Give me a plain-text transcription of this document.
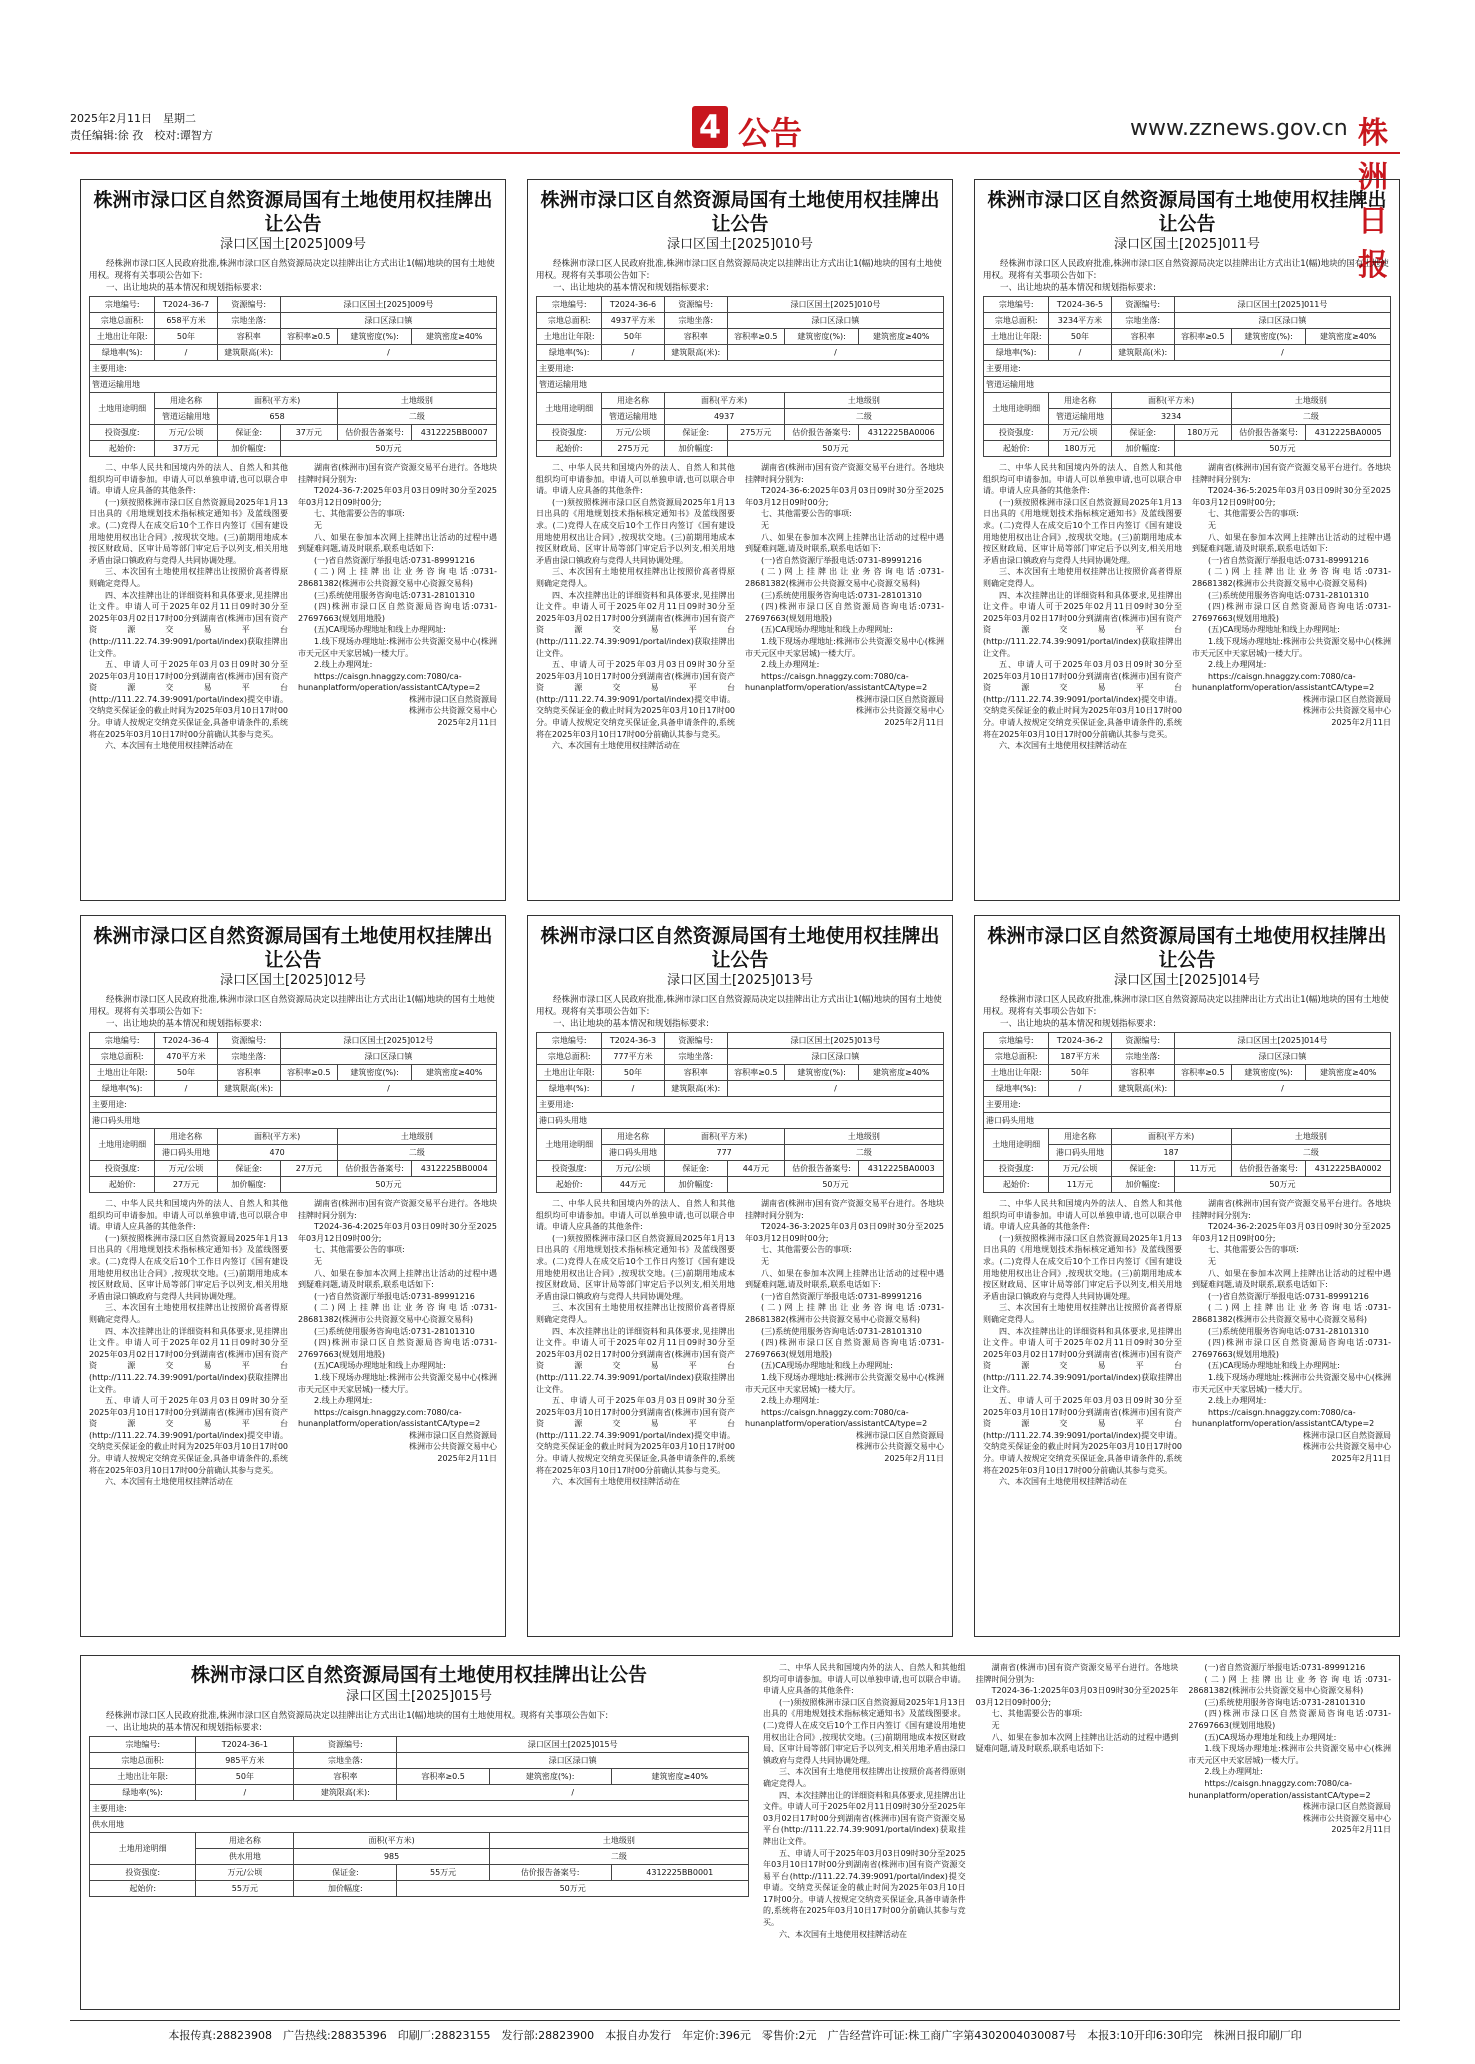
2025年2月11日　星期二
责任编辑:徐 孜　校对:谭智方	4 公告	www.zznews.gov.cn 株洲日报
株洲市渌口区自然资源局国有土地使用权挂牌出让公告
渌口区国土[2025]009号
经株洲市渌口区人民政府批准,株洲市渌口区自然资源局决定以挂牌出让方式出让1(幅)地块的国有土地使用权。现将有关事项公告如下:
一、出让地块的基本情况和规划指标要求:
宗地编号:	T2024-36-7	资源编号:	渌口区国土[2025]009号		
宗地总面积:	658平方米	宗地坐落:	渌口区渌口镇		
土地出让年限:	50年	容积率	容积率≥0.5	建筑密度(%):	建筑密度≥40%
绿地率(%):	/	建筑限高(米):	/		
主要用途:					
管道运输用地					
土地用途明细	用途名称	面积(平方米)		土地级别	
	管道运输用地	658		二级	
投资强度:	万元/公顷	保证金:	37万元	估价报告备案号:	4312225BB0007
起始价:	37万元	加价幅度:	50万元		

二、中华人民共和国境内外的法人、自然人和其他组织均可申请参加。申请人可以单独申请,也可以联合申请。申请人应具备的其他条件:

(一)须按照株洲市渌口区自然资源局2025年1月13日出具的《用地规划技术指标核定通知书》及蓝线图要求。(二)竞得人在成交后10个工作日内签订《国有建设用地使用权出让合同》,按现状交地。(三)前期用地成本按区财政局、区审计局等部门审定后予以列支,相关用地矛盾由渌口镇政府与竞得人共同协调处理。

三、本次国有土地使用权挂牌出让按照价高者得原则确定竞得人。

四、本次挂牌出让的详细资料和具体要求,见挂牌出让文件。申请人可于2025年02月11日09时30分至2025年03月02日17时00分到湖南省(株洲市)国有资产资源交易平台(http://111.22.74.39:9091/portal/index)获取挂牌出让文件。

五、申请人可于2025年03月03日09时30分至2025年03月10日17时00分到湖南省(株洲市)国有资产资源交易平台(http://111.22.74.39:9091/portal/index)提交申请。交纳竞买保证金的截止时间为2025年03月10日17时00分。申请人按规定交纳竞买保证金,具备申请条件的,系统将在2025年03月10日17时00分前确认其参与竞买。

六、本次国有土地使用权挂牌活动在

湖南省(株洲市)国有资产资源交易平台进行。各地块挂牌时间分别为:

T2024-36-7:2025年03月03日09时30分至2025年03月12日09时00分;

七、其他需要公告的事项:

无

八、如果在参加本次网上挂牌出让活动的过程中遇到疑难问题,请及时联系,联系电话如下:

(一)省自然资源厅举报电话:0731-89991216

(二)网上挂牌出让业务咨询电话:0731-28681382(株洲市公共资源交易中心资源交易科)

(三)系统使用服务咨询电话:0731-28101310

(四)株洲市渌口区自然资源局咨询电话:0731-27697663(规划用地股)

(五)CA现场办理地址和线上办理网址:

1.线下现场办理地址:株洲市公共资源交易中心(株洲市天元区中天家居城)一楼大厅。

2.线上办理网址:

https://caisgn.hnaggzy.com:7080/ca-hunanplatform/operation/assistantCA/type=2

株洲市渌口区自然资源局
株洲市公共资源交易中心
2025年2月11日
株洲市渌口区自然资源局国有土地使用权挂牌出让公告
渌口区国土[2025]010号
经株洲市渌口区人民政府批准,株洲市渌口区自然资源局决定以挂牌出让方式出让1(幅)地块的国有土地使用权。现将有关事项公告如下:
一、出让地块的基本情况和规划指标要求:
宗地编号:	T2024-36-6	资源编号:	渌口区国土[2025]010号		
宗地总面积:	4937平方米	宗地坐落:	渌口区渌口镇		
土地出让年限:	50年	容积率	容积率≥0.5	建筑密度(%):	建筑密度≥40%
绿地率(%):	/	建筑限高(米):	/		
主要用途:					
管道运输用地					
土地用途明细	用途名称	面积(平方米)		土地级别	
	管道运输用地	4937		二级	
投资强度:	万元/公顷	保证金:	275万元	估价报告备案号:	4312225BA0006
起始价:	275万元	加价幅度:	50万元		

二、中华人民共和国境内外的法人、自然人和其他组织均可申请参加。申请人可以单独申请,也可以联合申请。申请人应具备的其他条件:

(一)须按照株洲市渌口区自然资源局2025年1月13日出具的《用地规划技术指标核定通知书》及蓝线图要求。(二)竞得人在成交后10个工作日内签订《国有建设用地使用权出让合同》,按现状交地。(三)前期用地成本按区财政局、区审计局等部门审定后予以列支,相关用地矛盾由渌口镇政府与竞得人共同协调处理。

三、本次国有土地使用权挂牌出让按照价高者得原则确定竞得人。

四、本次挂牌出让的详细资料和具体要求,见挂牌出让文件。申请人可于2025年02月11日09时30分至2025年03月02日17时00分到湖南省(株洲市)国有资产资源交易平台(http://111.22.74.39:9091/portal/index)获取挂牌出让文件。

五、申请人可于2025年03月03日09时30分至2025年03月10日17时00分到湖南省(株洲市)国有资产资源交易平台(http://111.22.74.39:9091/portal/index)提交申请。交纳竞买保证金的截止时间为2025年03月10日17时00分。申请人按规定交纳竞买保证金,具备申请条件的,系统将在2025年03月10日17时00分前确认其参与竞买。

六、本次国有土地使用权挂牌活动在

湖南省(株洲市)国有资产资源交易平台进行。各地块挂牌时间分别为:

T2024-36-6:2025年03月03日09时30分至2025年03月12日09时00分;

七、其他需要公告的事项:

无

八、如果在参加本次网上挂牌出让活动的过程中遇到疑难问题,请及时联系,联系电话如下:

(一)省自然资源厅举报电话:0731-89991216

(二)网上挂牌出让业务咨询电话:0731-28681382(株洲市公共资源交易中心资源交易科)

(三)系统使用服务咨询电话:0731-28101310

(四)株洲市渌口区自然资源局咨询电话:0731-27697663(规划用地股)

(五)CA现场办理地址和线上办理网址:

1.线下现场办理地址:株洲市公共资源交易中心(株洲市天元区中天家居城)一楼大厅。

2.线上办理网址:

https://caisgn.hnaggzy.com:7080/ca-hunanplatform/operation/assistantCA/type=2

株洲市渌口区自然资源局
株洲市公共资源交易中心
2025年2月11日
株洲市渌口区自然资源局国有土地使用权挂牌出让公告
渌口区国土[2025]011号
经株洲市渌口区人民政府批准,株洲市渌口区自然资源局决定以挂牌出让方式出让1(幅)地块的国有土地使用权。现将有关事项公告如下:
一、出让地块的基本情况和规划指标要求:
宗地编号:	T2024-36-5	资源编号:	渌口区国土[2025]011号		
宗地总面积:	3234平方米	宗地坐落:	渌口区渌口镇		
土地出让年限:	50年	容积率	容积率≥0.5	建筑密度(%):	建筑密度≥40%
绿地率(%):	/	建筑限高(米):	/		
主要用途:					
管道运输用地					
土地用途明细	用途名称	面积(平方米)		土地级别	
	管道运输用地	3234		二级	
投资强度:	万元/公顷	保证金:	180万元	估价报告备案号:	4312225BA0005
起始价:	180万元	加价幅度:	50万元		

二、中华人民共和国境内外的法人、自然人和其他组织均可申请参加。申请人可以单独申请,也可以联合申请。申请人应具备的其他条件:

(一)须按照株洲市渌口区自然资源局2025年1月13日出具的《用地规划技术指标核定通知书》及蓝线图要求。(二)竞得人在成交后10个工作日内签订《国有建设用地使用权出让合同》,按现状交地。(三)前期用地成本按区财政局、区审计局等部门审定后予以列支,相关用地矛盾由渌口镇政府与竞得人共同协调处理。

三、本次国有土地使用权挂牌出让按照价高者得原则确定竞得人。

四、本次挂牌出让的详细资料和具体要求,见挂牌出让文件。申请人可于2025年02月11日09时30分至2025年03月02日17时00分到湖南省(株洲市)国有资产资源交易平台(http://111.22.74.39:9091/portal/index)获取挂牌出让文件。

五、申请人可于2025年03月03日09时30分至2025年03月10日17时00分到湖南省(株洲市)国有资产资源交易平台(http://111.22.74.39:9091/portal/index)提交申请。交纳竞买保证金的截止时间为2025年03月10日17时00分。申请人按规定交纳竞买保证金,具备申请条件的,系统将在2025年03月10日17时00分前确认其参与竞买。

六、本次国有土地使用权挂牌活动在

湖南省(株洲市)国有资产资源交易平台进行。各地块挂牌时间分别为:

T2024-36-5:2025年03月03日09时30分至2025年03月12日09时00分;

七、其他需要公告的事项:

无

八、如果在参加本次网上挂牌出让活动的过程中遇到疑难问题,请及时联系,联系电话如下:

(一)省自然资源厅举报电话:0731-89991216

(二)网上挂牌出让业务咨询电话:0731-28681382(株洲市公共资源交易中心资源交易科)

(三)系统使用服务咨询电话:0731-28101310

(四)株洲市渌口区自然资源局咨询电话:0731-27697663(规划用地股)

(五)CA现场办理地址和线上办理网址:

1.线下现场办理地址:株洲市公共资源交易中心(株洲市天元区中天家居城)一楼大厅。

2.线上办理网址:

https://caisgn.hnaggzy.com:7080/ca-hunanplatform/operation/assistantCA/type=2

株洲市渌口区自然资源局
株洲市公共资源交易中心
2025年2月11日
株洲市渌口区自然资源局国有土地使用权挂牌出让公告
渌口区国土[2025]012号
经株洲市渌口区人民政府批准,株洲市渌口区自然资源局决定以挂牌出让方式出让1(幅)地块的国有土地使用权。现将有关事项公告如下:
一、出让地块的基本情况和规划指标要求:
宗地编号:	T2024-36-4	资源编号:	渌口区国土[2025]012号		
宗地总面积:	470平方米	宗地坐落:	渌口区渌口镇		
土地出让年限:	50年	容积率	容积率≥0.5	建筑密度(%):	建筑密度≥40%
绿地率(%):	/	建筑限高(米):	/		
主要用途:					
港口码头用地					
土地用途明细	用途名称	面积(平方米)		土地级别	
	港口码头用地	470		二级	
投资强度:	万元/公顷	保证金:	27万元	估价报告备案号:	4312225BB0004
起始价:	27万元	加价幅度:	50万元		

二、中华人民共和国境内外的法人、自然人和其他组织均可申请参加。申请人可以单独申请,也可以联合申请。申请人应具备的其他条件:

(一)须按照株洲市渌口区自然资源局2025年1月13日出具的《用地规划技术指标核定通知书》及蓝线图要求。(二)竞得人在成交后10个工作日内签订《国有建设用地使用权出让合同》,按现状交地。(三)前期用地成本按区财政局、区审计局等部门审定后予以列支,相关用地矛盾由渌口镇政府与竞得人共同协调处理。

三、本次国有土地使用权挂牌出让按照价高者得原则确定竞得人。

四、本次挂牌出让的详细资料和具体要求,见挂牌出让文件。申请人可于2025年02月11日09时30分至2025年03月02日17时00分到湖南省(株洲市)国有资产资源交易平台(http://111.22.74.39:9091/portal/index)获取挂牌出让文件。

五、申请人可于2025年03月03日09时30分至2025年03月10日17时00分到湖南省(株洲市)国有资产资源交易平台(http://111.22.74.39:9091/portal/index)提交申请。交纳竞买保证金的截止时间为2025年03月10日17时00分。申请人按规定交纳竞买保证金,具备申请条件的,系统将在2025年03月10日17时00分前确认其参与竞买。

六、本次国有土地使用权挂牌活动在

湖南省(株洲市)国有资产资源交易平台进行。各地块挂牌时间分别为:

T2024-36-4:2025年03月03日09时30分至2025年03月12日09时00分;

七、其他需要公告的事项:

无

八、如果在参加本次网上挂牌出让活动的过程中遇到疑难问题,请及时联系,联系电话如下:

(一)省自然资源厅举报电话:0731-89991216

(二)网上挂牌出让业务咨询电话:0731-28681382(株洲市公共资源交易中心资源交易科)

(三)系统使用服务咨询电话:0731-28101310

(四)株洲市渌口区自然资源局咨询电话:0731-27697663(规划用地股)

(五)CA现场办理地址和线上办理网址:

1.线下现场办理地址:株洲市公共资源交易中心(株洲市天元区中天家居城)一楼大厅。

2.线上办理网址:

https://caisgn.hnaggzy.com:7080/ca-hunanplatform/operation/assistantCA/type=2

株洲市渌口区自然资源局
株洲市公共资源交易中心
2025年2月11日
株洲市渌口区自然资源局国有土地使用权挂牌出让公告
渌口区国土[2025]013号
经株洲市渌口区人民政府批准,株洲市渌口区自然资源局决定以挂牌出让方式出让1(幅)地块的国有土地使用权。现将有关事项公告如下:
一、出让地块的基本情况和规划指标要求:
宗地编号:	T2024-36-3	资源编号:	渌口区国土[2025]013号		
宗地总面积:	777平方米	宗地坐落:	渌口区渌口镇		
土地出让年限:	50年	容积率	容积率≥0.5	建筑密度(%):	建筑密度≥40%
绿地率(%):	/	建筑限高(米):	/		
主要用途:					
港口码头用地					
土地用途明细	用途名称	面积(平方米)		土地级别	
	港口码头用地	777		二级	
投资强度:	万元/公顷	保证金:	44万元	估价报告备案号:	4312225BA0003
起始价:	44万元	加价幅度:	50万元		

二、中华人民共和国境内外的法人、自然人和其他组织均可申请参加。申请人可以单独申请,也可以联合申请。申请人应具备的其他条件:

(一)须按照株洲市渌口区自然资源局2025年1月13日出具的《用地规划技术指标核定通知书》及蓝线图要求。(二)竞得人在成交后10个工作日内签订《国有建设用地使用权出让合同》,按现状交地。(三)前期用地成本按区财政局、区审计局等部门审定后予以列支,相关用地矛盾由渌口镇政府与竞得人共同协调处理。

三、本次国有土地使用权挂牌出让按照价高者得原则确定竞得人。

四、本次挂牌出让的详细资料和具体要求,见挂牌出让文件。申请人可于2025年02月11日09时30分至2025年03月02日17时00分到湖南省(株洲市)国有资产资源交易平台(http://111.22.74.39:9091/portal/index)获取挂牌出让文件。

五、申请人可于2025年03月03日09时30分至2025年03月10日17时00分到湖南省(株洲市)国有资产资源交易平台(http://111.22.74.39:9091/portal/index)提交申请。交纳竞买保证金的截止时间为2025年03月10日17时00分。申请人按规定交纳竞买保证金,具备申请条件的,系统将在2025年03月10日17时00分前确认其参与竞买。

六、本次国有土地使用权挂牌活动在

湖南省(株洲市)国有资产资源交易平台进行。各地块挂牌时间分别为:

T2024-36-3:2025年03月03日09时30分至2025年03月12日09时00分;

七、其他需要公告的事项:

无

八、如果在参加本次网上挂牌出让活动的过程中遇到疑难问题,请及时联系,联系电话如下:

(一)省自然资源厅举报电话:0731-89991216

(二)网上挂牌出让业务咨询电话:0731-28681382(株洲市公共资源交易中心资源交易科)

(三)系统使用服务咨询电话:0731-28101310

(四)株洲市渌口区自然资源局咨询电话:0731-27697663(规划用地股)

(五)CA现场办理地址和线上办理网址:

1.线下现场办理地址:株洲市公共资源交易中心(株洲市天元区中天家居城)一楼大厅。

2.线上办理网址:

https://caisgn.hnaggzy.com:7080/ca-hunanplatform/operation/assistantCA/type=2

株洲市渌口区自然资源局
株洲市公共资源交易中心
2025年2月11日
株洲市渌口区自然资源局国有土地使用权挂牌出让公告
渌口区国土[2025]014号
经株洲市渌口区人民政府批准,株洲市渌口区自然资源局决定以挂牌出让方式出让1(幅)地块的国有土地使用权。现将有关事项公告如下:
一、出让地块的基本情况和规划指标要求:
宗地编号:	T2024-36-2	资源编号:	渌口区国土[2025]014号		
宗地总面积:	187平方米	宗地坐落:	渌口区渌口镇		
土地出让年限:	50年	容积率	容积率≥0.5	建筑密度(%):	建筑密度≥40%
绿地率(%):	/	建筑限高(米):	/		
主要用途:					
港口码头用地					
土地用途明细	用途名称	面积(平方米)		土地级别	
	港口码头用地	187		二级	
投资强度:	万元/公顷	保证金:	11万元	估价报告备案号:	4312225BA0002
起始价:	11万元	加价幅度:	50万元		

二、中华人民共和国境内外的法人、自然人和其他组织均可申请参加。申请人可以单独申请,也可以联合申请。申请人应具备的其他条件:

(一)须按照株洲市渌口区自然资源局2025年1月13日出具的《用地规划技术指标核定通知书》及蓝线图要求。(二)竞得人在成交后10个工作日内签订《国有建设用地使用权出让合同》,按现状交地。(三)前期用地成本按区财政局、区审计局等部门审定后予以列支,相关用地矛盾由渌口镇政府与竞得人共同协调处理。

三、本次国有土地使用权挂牌出让按照价高者得原则确定竞得人。

四、本次挂牌出让的详细资料和具体要求,见挂牌出让文件。申请人可于2025年02月11日09时30分至2025年03月02日17时00分到湖南省(株洲市)国有资产资源交易平台(http://111.22.74.39:9091/portal/index)获取挂牌出让文件。

五、申请人可于2025年03月03日09时30分至2025年03月10日17时00分到湖南省(株洲市)国有资产资源交易平台(http://111.22.74.39:9091/portal/index)提交申请。交纳竞买保证金的截止时间为2025年03月10日17时00分。申请人按规定交纳竞买保证金,具备申请条件的,系统将在2025年03月10日17时00分前确认其参与竞买。

六、本次国有土地使用权挂牌活动在

湖南省(株洲市)国有资产资源交易平台进行。各地块挂牌时间分别为:

T2024-36-2:2025年03月03日09时30分至2025年03月12日09时00分;

七、其他需要公告的事项:

无

八、如果在参加本次网上挂牌出让活动的过程中遇到疑难问题,请及时联系,联系电话如下:

(一)省自然资源厅举报电话:0731-89991216

(二)网上挂牌出让业务咨询电话:0731-28681382(株洲市公共资源交易中心资源交易科)

(三)系统使用服务咨询电话:0731-28101310

(四)株洲市渌口区自然资源局咨询电话:0731-27697663(规划用地股)

(五)CA现场办理地址和线上办理网址:

1.线下现场办理地址:株洲市公共资源交易中心(株洲市天元区中天家居城)一楼大厅。

2.线上办理网址:

https://caisgn.hnaggzy.com:7080/ca-hunanplatform/operation/assistantCA/type=2

株洲市渌口区自然资源局
株洲市公共资源交易中心
2025年2月11日
株洲市渌口区自然资源局国有土地使用权挂牌出让公告
渌口区国土[2025]015号
经株洲市渌口区人民政府批准,株洲市渌口区自然资源局决定以挂牌出让方式出让1(幅)地块的国有土地使用权。现将有关事项公告如下:
一、出让地块的基本情况和规划指标要求:
宗地编号:	T2024-36-1	资源编号:	渌口区国土[2025]015号		
宗地总面积:	985平方米	宗地坐落:	渌口区渌口镇		
土地出让年限:	50年	容积率	容积率≥0.5	建筑密度(%):	建筑密度≥40%
绿地率(%):	/	建筑限高(米):	/		
主要用途:					
供水用地					
土地用途明细	用途名称	面积(平方米)		土地级别	
	供水用地	985		二级	
投资强度:	万元/公顷	保证金:	55万元	估价报告备案号:	4312225BB0001
起始价:	55万元	加价幅度:	50万元		

二、中华人民共和国境内外的法人、自然人和其他组织均可申请参加。申请人可以单独申请,也可以联合申请。申请人应具备的其他条件:

(一)须按照株洲市渌口区自然资源局2025年1月13日出具的《用地规划技术指标核定通知书》及蓝线图要求。(二)竞得人在成交后10个工作日内签订《国有建设用地使用权出让合同》,按现状交地。(三)前期用地成本按区财政局、区审计局等部门审定后予以列支,相关用地矛盾由渌口镇政府与竞得人共同协调处理。

三、本次国有土地使用权挂牌出让按照价高者得原则确定竞得人。

四、本次挂牌出让的详细资料和具体要求,见挂牌出让文件。申请人可于2025年02月11日09时30分至2025年03月02日17时00分到湖南省(株洲市)国有资产资源交易平台(http://111.22.74.39:9091/portal/index)获取挂牌出让文件。

五、申请人可于2025年03月03日09时30分至2025年03月10日17时00分到湖南省(株洲市)国有资产资源交易平台(http://111.22.74.39:9091/portal/index)提交申请。交纳竞买保证金的截止时间为2025年03月10日17时00分。申请人按规定交纳竞买保证金,具备申请条件的,系统将在2025年03月10日17时00分前确认其参与竞买。

六、本次国有土地使用权挂牌活动在

湖南省(株洲市)国有资产资源交易平台进行。各地块挂牌时间分别为:

T2024-36-1:2025年03月03日09时30分至2025年03月12日09时00分;

七、其他需要公告的事项:

无

八、如果在参加本次网上挂牌出让活动的过程中遇到疑难问题,请及时联系,联系电话如下:

(一)省自然资源厅举报电话:0731-89991216

(二)网上挂牌出让业务咨询电话:0731-28681382(株洲市公共资源交易中心资源交易科)

(三)系统使用服务咨询电话:0731-28101310

(四)株洲市渌口区自然资源局咨询电话:0731-27697663(规划用地股)

(五)CA现场办理地址和线上办理网址:

1.线下现场办理地址:株洲市公共资源交易中心(株洲市天元区中天家居城)一楼大厅。

2.线上办理网址:

https://caisgn.hnaggzy.com:7080/ca-hunanplatform/operation/assistantCA/type=2

株洲市渌口区自然资源局
株洲市公共资源交易中心
2025年2月11日
本报传真:28823908　广告热线:28835396　印刷厂:28823155　发行部:28823900　本报自办发行　年定价:396元　零售价:2元　广告经营许可证:株工商广字第4302004030087号　本报3:10开印6:30印完　株洲日报印刷厂印
